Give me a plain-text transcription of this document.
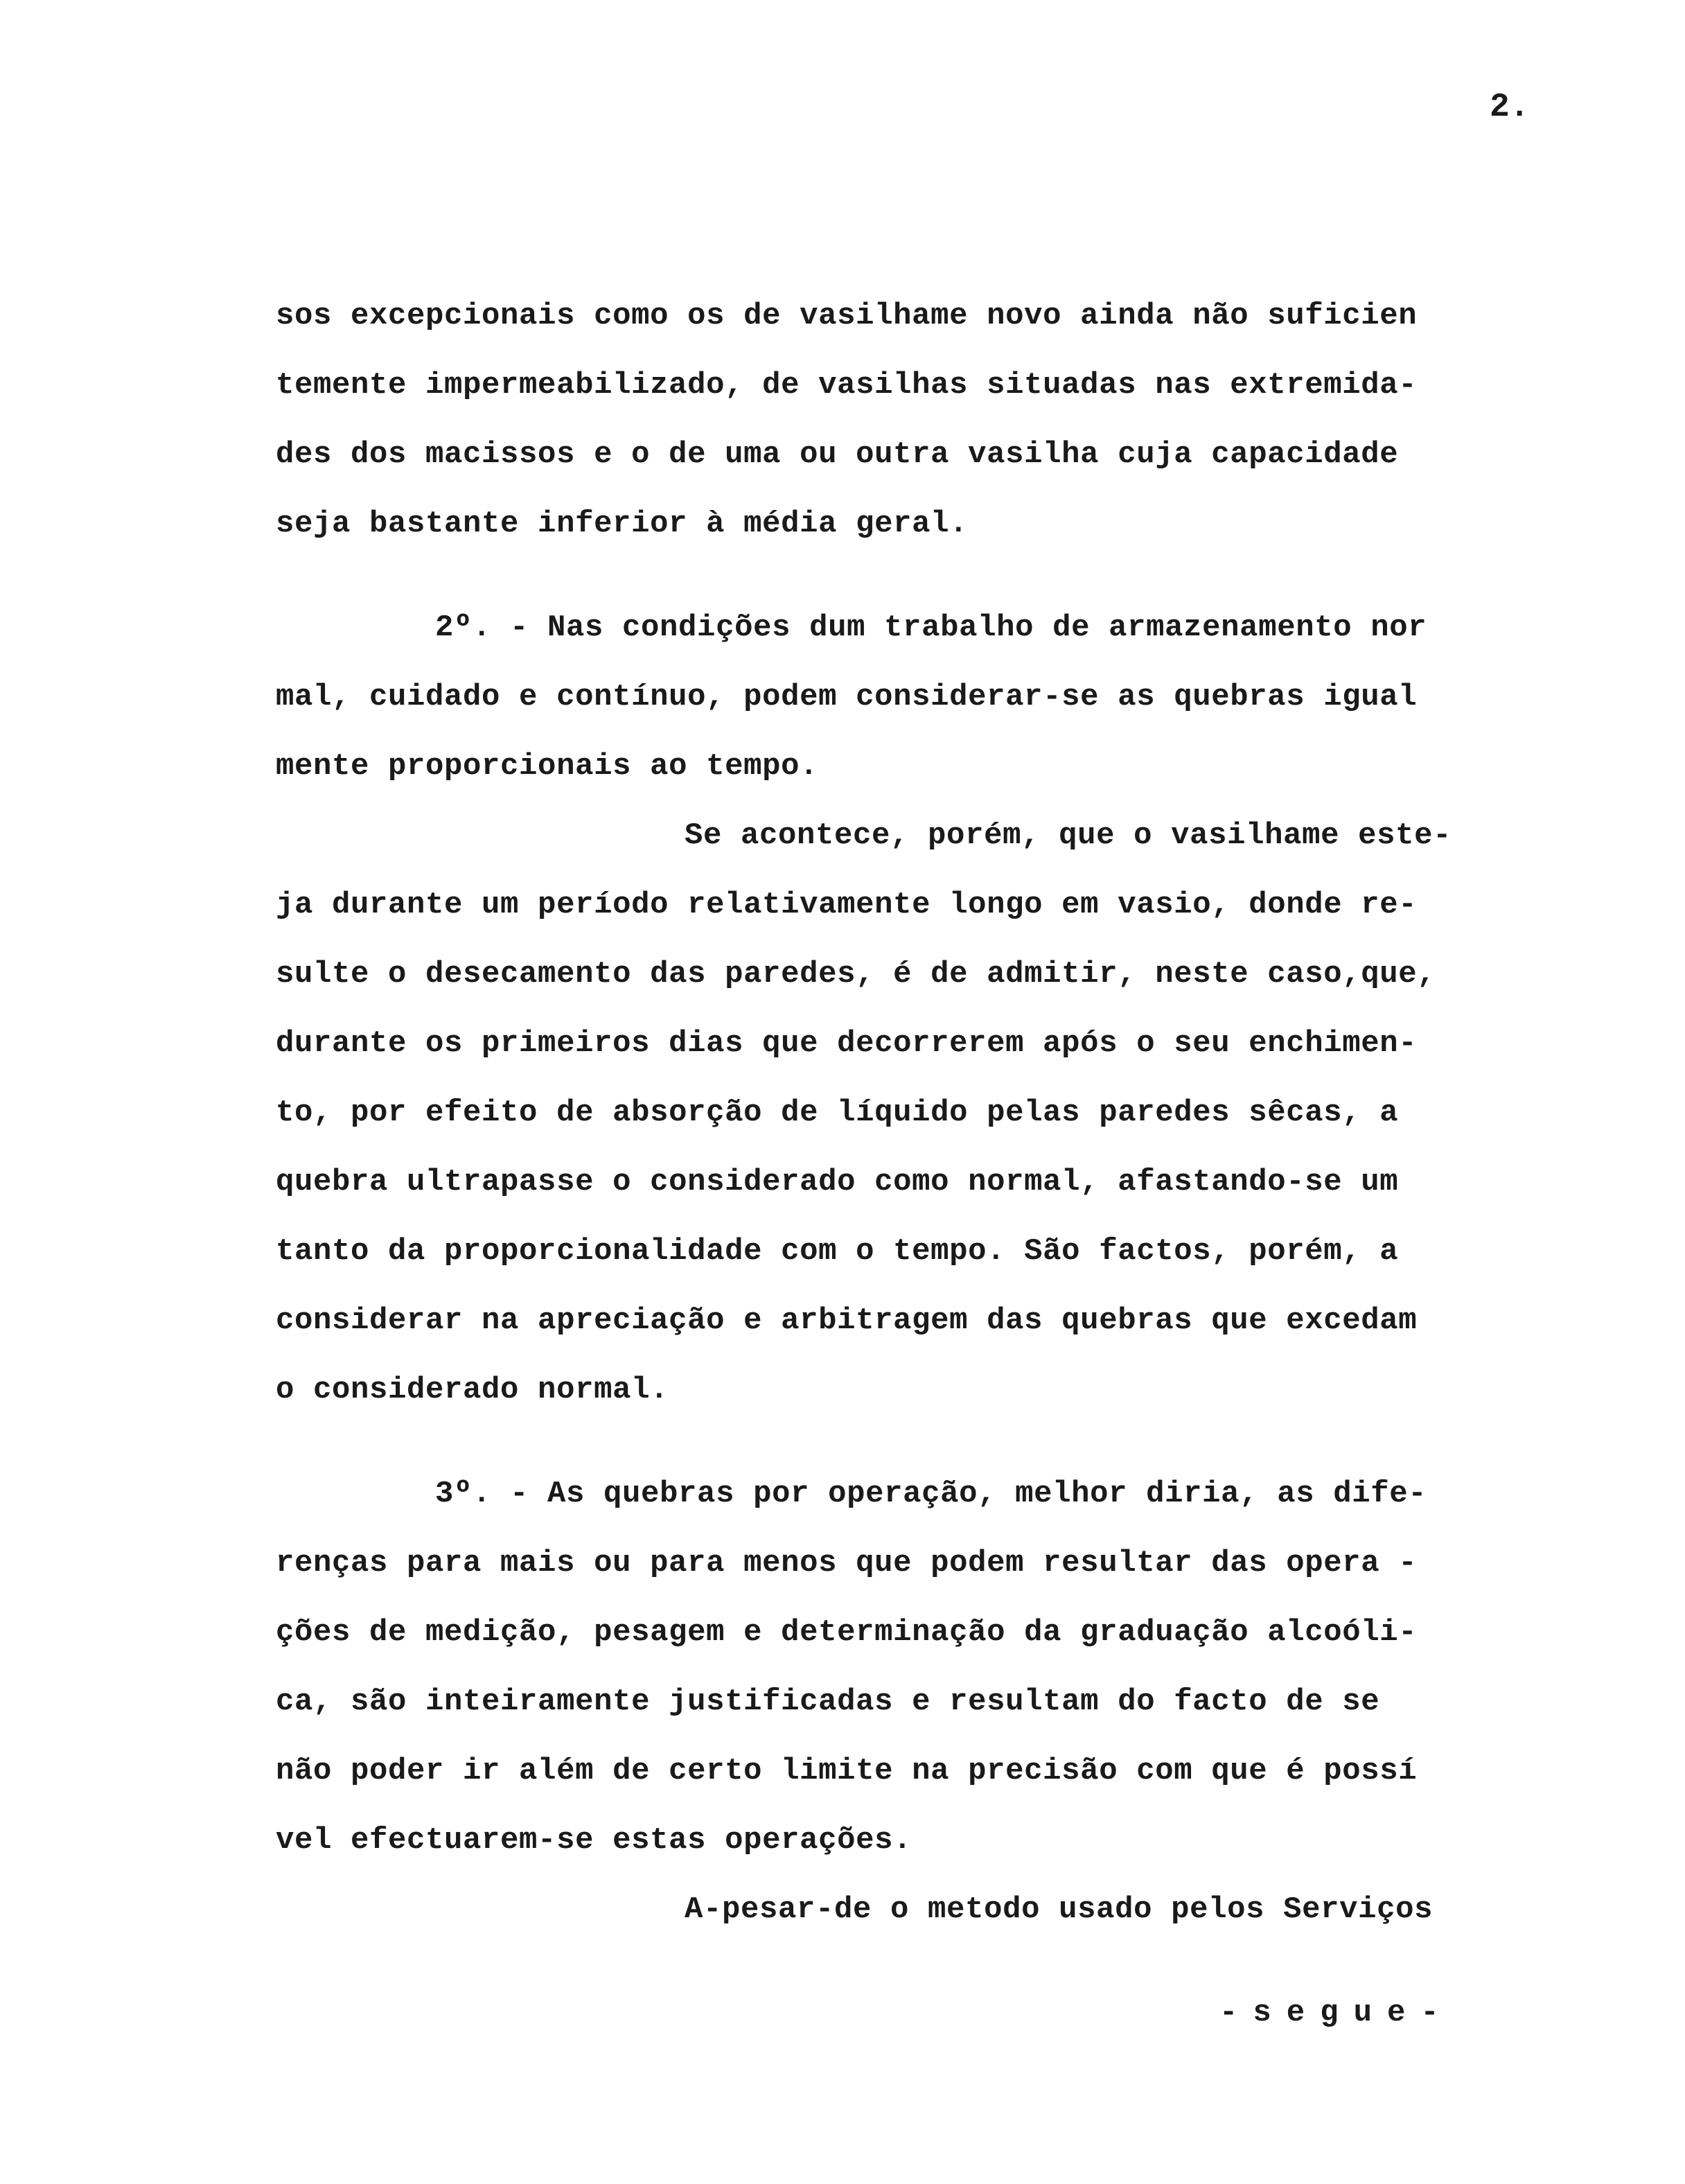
2.
sos excepcionais como os de vasilhame novo ainda não suficien
temente impermeabilizado, de vasilhas situadas nas extremida-
des dos macissos e o de uma ou outra vasilha cuja capacidade
seja bastante inferior à média geral.
2º. - Nas condições dum trabalho de armazenamento nor
mal, cuidado e contínuo, podem considerar-se as quebras igual
mente proporcionais ao tempo.
Se acontece, porém, que o vasilhame este-
ja durante um período relativamente longo em vasio, donde re-
sulte o desecamento das paredes, é de admitir, neste caso,que,
durante os primeiros dias que decorrerem após o seu enchimen-
to, por efeito de absorção de líquido pelas paredes sêcas, a
quebra ultrapasse o considerado como normal, afastando-se um
tanto da proporcionalidade com o tempo. São factos, porém, a
considerar na apreciação e arbitragem das quebras que excedam
o considerado normal.
3º. - As quebras por operação, melhor diria, as dife-
renças para mais ou para menos que podem resultar das opera -
ções de medição, pesagem e determinação da graduação alcoóli-
ca, são inteiramente justificadas e resultam do facto de se
não poder ir além de certo limite na precisão com que é possí
vel efectuarem-se estas operações.
A-pesar-de o metodo usado pelos Serviços
-segue-
